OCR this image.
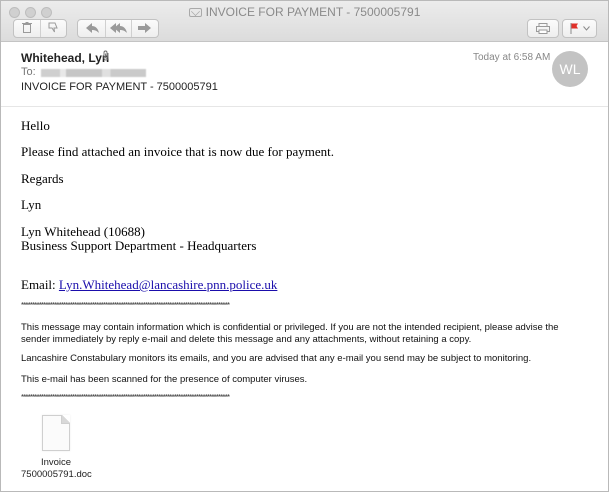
INVOICE FOR PAYMENT - 7500005791
Whitehead, Lyn
To:
INVOICE FOR PAYMENT - 7500005791
Today at 6:58 AM
WL
Hello
Please find attached an invoice that is now due for payment.
Regards
Lyn
Lyn Whitehead (10688)
Business Support Department - Headquarters
Email: Lyn.Whitehead@lancashire.pnn.police.uk
**********************************************************************************************
This message may contain information which is confidential or privileged. If you are not the intended recipient, please advise the sender immediately by reply e-mail and delete this message and any attachments, without retaining a copy.
Lancashire Constabulary monitors its emails, and you are advised that any e-mail you send may be subject to monitoring.
This e-mail has been scanned for the presence of computer viruses.
**********************************************************************************************
Invoice
7500005791.doc
